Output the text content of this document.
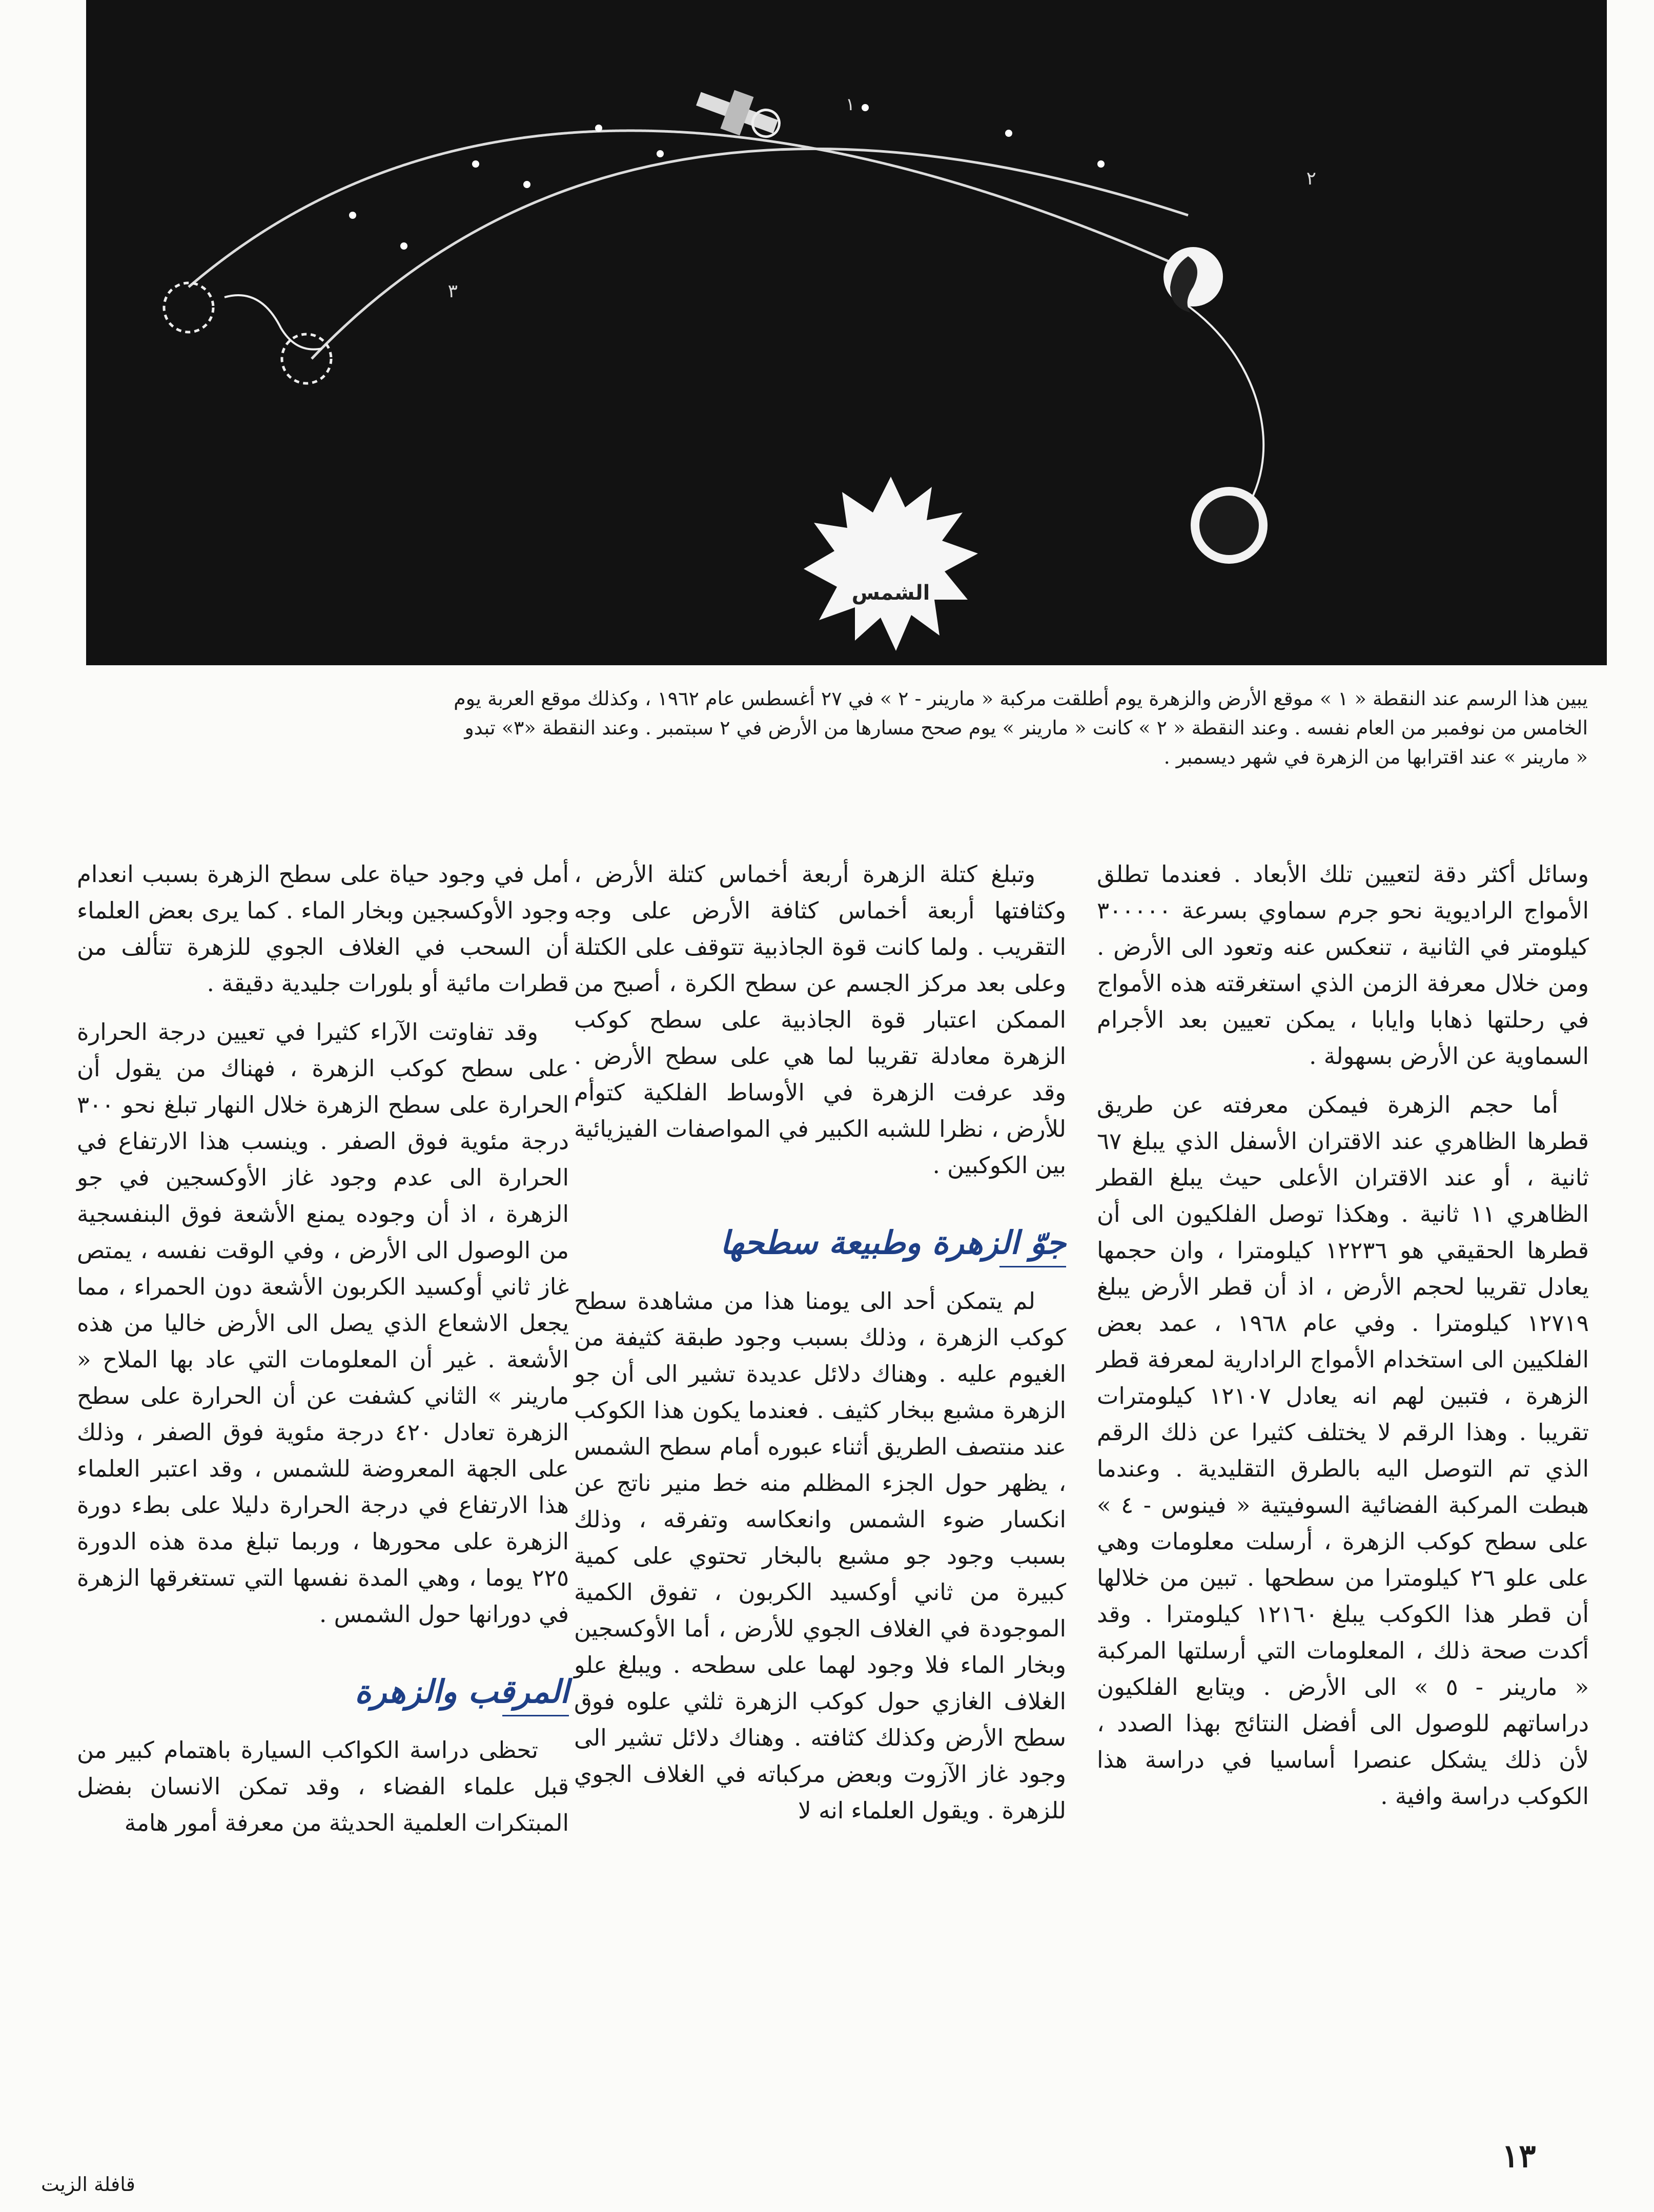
الشمس
٢
٣
١

يبين هذا الرسم عند النقطة « ١ » موقع الأرض والزهرة يوم أطلقت مركبة « مارينر - ٢ » في ٢٧ أغسطس عام ١٩٦٢ ، وكذلك موقع العربة يوم

الخامس من نوفمبر من العام نفسه . وعند النقطة « ٢ » كانت « مارينر » يوم صحح مسارها من الأرض في ٢ سبتمبر . وعند النقطة «٣» تبدو

« مارينر » عند اقترابها من الزهرة في شهر ديسمبر .

وسائل أكثر دقة لتعيين تلك الأبعاد . فعندما تطلق الأمواج الراديوية نحو جرم سماوي بسرعة ٣٠٠٠٠٠ كيلومتر في الثانية ، تنعكس عنه وتعود الى الأرض . ومن خلال معرفة الزمن الذي استغرقته هذه الأمواج في رحلتها ذهابا وايابا ، يمكن تعيين بعد الأجرام السماوية عن الأرض بسهولة .

أما حجم الزهرة فيمكن معرفته عن طريق قطرها الظاهري عند الاقتران الأسفل الذي يبلغ ٦٧ ثانية ، أو عند الاقتران الأعلى حيث يبلغ القطر الظاهري ١١ ثانية . وهكذا توصل الفلكيون الى أن قطرها الحقيقي هو ١٢٢٣٦ كيلومترا ، وان حجمها يعادل تقريبا لحجم الأرض ، اذ أن قطر الأرض يبلغ ١٢٧١٩ كيلومترا . وفي عام ١٩٦٨ ، عمد بعض الفلكيين الى استخدام الأمواج الرادارية لمعرفة قطر الزهرة ، فتبين لهم انه يعادل ١٢١٠٧ كيلومترات تقريبا . وهذا الرقم لا يختلف كثيرا عن ذلك الرقم الذي تم التوصل اليه بالطرق التقليدية . وعندما هبطت المركبة الفضائية السوفيتية « فينوس - ٤ » على سطح كوكب الزهرة ، أرسلت معلومات وهي على علو ٢٦ كيلومترا من سطحها . تبين من خلالها أن قطر هذا الكوكب يبلغ ١٢١٦٠ كيلومترا . وقد أكدت صحة ذلك ، المعلومات التي أرسلتها المركبة « مارينر - ٥ » الى الأرض . ويتابع الفلكيون دراساتهم للوصول الى أفضل النتائج بهذا الصدد ، لأن ذلك يشكل عنصرا أساسيا في دراسة هذا الكوكب دراسة وافية .

وتبلغ كتلة الزهرة أربعة أخماس كتلة الأرض ، وكثافتها أربعة أخماس كثافة الأرض على وجه التقريب . ولما كانت قوة الجاذبية تتوقف على الكتلة وعلى بعد مركز الجسم عن سطح الكرة ، أصبح من الممكن اعتبار قوة الجاذبية على سطح كوكب الزهرة معادلة تقريبا لما هي على سطح الأرض . وقد عرفت الزهرة في الأوساط الفلكية كتوأم للأرض ، نظرا للشبه الكبير في المواصفات الفيزيائية بين الكوكبين .

جوّ الزهرة وطبيعة سطحها

لم يتمكن أحد الى يومنا هذا من مشاهدة سطح كوكب الزهرة ، وذلك بسبب وجود طبقة كثيفة من الغيوم عليه . وهناك دلائل عديدة تشير الى أن جو الزهرة مشبع ببخار كثيف . فعندما يكون هذا الكوكب عند منتصف الطريق أثناء عبوره أمام سطح الشمس ، يظهر حول الجزء المظلم منه خط منير ناتج عن انكسار ضوء الشمس وانعكاسه وتفرقه ، وذلك بسبب وجود جو مشبع بالبخار تحتوي على كمية كبيرة من ثاني أوكسيد الكربون ، تفوق الكمية الموجودة في الغلاف الجوي للأرض ، أما الأوكسجين وبخار الماء فلا وجود لهما على سطحه . ويبلغ علو الغلاف الغازي حول كوكب الزهرة ثلثي علوه فوق سطح الأرض وكذلك كثافته . وهناك دلائل تشير الى وجود غاز الآزوت وبعض مركباته في الغلاف الجوي للزهرة . ويقول العلماء انه لا

أمل في وجود حياة على سطح الزهرة بسبب انعدام وجود الأوكسجين وبخار الماء . كما يرى بعض العلماء أن السحب في الغلاف الجوي للزهرة تتألف من قطرات مائية أو بلورات جليدية دقيقة .

وقد تفاوتت الآراء كثيرا في تعيين درجة الحرارة على سطح كوكب الزهرة ، فهناك من يقول أن الحرارة على سطح الزهرة خلال النهار تبلغ نحو ٣٠٠ درجة مئوية فوق الصفر . وينسب هذا الارتفاع في الحرارة الى عدم وجود غاز الأوكسجين في جو الزهرة ، اذ أن وجوده يمنع الأشعة فوق البنفسجية من الوصول الى الأرض ، وفي الوقت نفسه ، يمتص غاز ثاني أوكسيد الكربون الأشعة دون الحمراء ، مما يجعل الاشعاع الذي يصل الى الأرض خاليا من هذه الأشعة . غير أن المعلومات التي عاد بها الملاح « مارينر » الثاني كشفت عن أن الحرارة على سطح الزهرة تعادل ٤٢٠ درجة مئوية فوق الصفر ، وذلك على الجهة المعروضة للشمس ، وقد اعتبر العلماء هذا الارتفاع في درجة الحرارة دليلا على بطء دورة الزهرة على محورها ، وربما تبلغ مدة هذه الدورة ٢٢٥ يوما ، وهي المدة نفسها التي تستغرقها الزهرة في دورانها حول الشمس .

المرقب والزهرة

تحظى دراسة الكواكب السيارة باهتمام كبير من قبل علماء الفضاء ، وقد تمكن الانسان بفضل المبتكرات العلمية الحديثة من معرفة أمور هامة

١٣
قافلة الزيت
